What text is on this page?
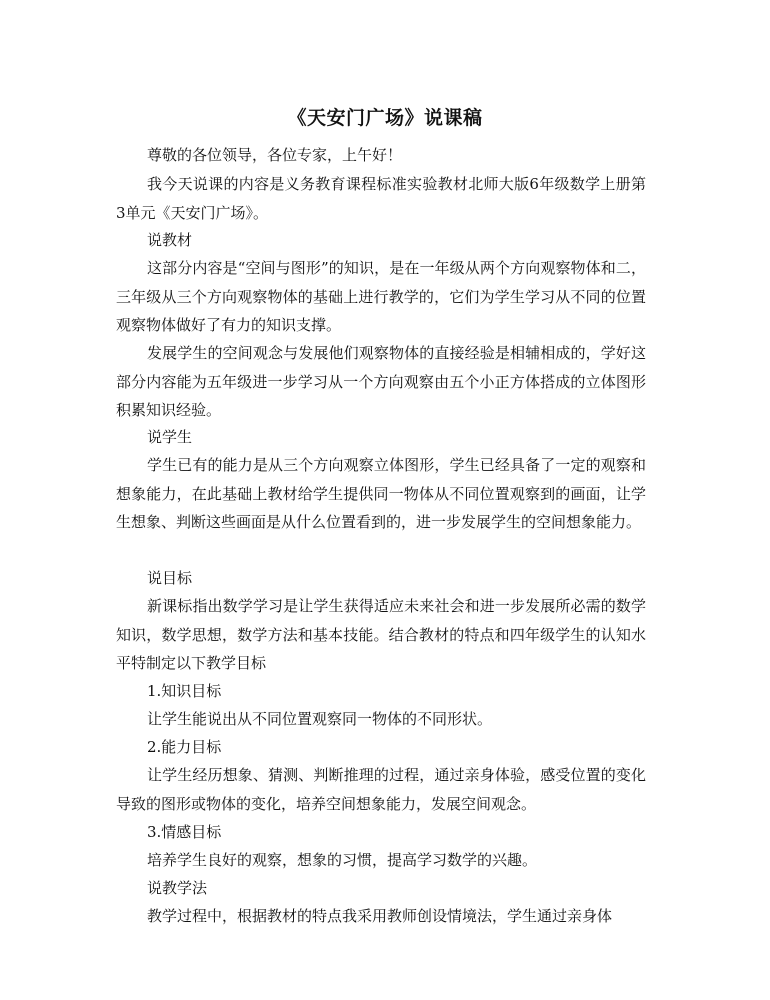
《天安门广场》说课稿

尊敬的各位领导，各位专家，上午好！

我今天说课的内容是义务教育课程标准实验教材北师大版6年级数学上册第3单元《天安门广场》。

说教材

这部分内容是“空间与图形”的知识，是在一年级从两个方向观察物体和二，三年级从三个方向观察物体的基础上进行教学的，它们为学生学习从不同的位置观察物体做好了有力的知识支撑。

发展学生的空间观念与发展他们观察物体的直接经验是相辅相成的，学好这部分内容能为五年级进一步学习从一个方向观察由五个小正方体搭成的立体图形积累知识经验。

说学生

学生已有的能力是从三个方向观察立体图形，学生已经具备了一定的观察和想象能力，在此基础上教材给学生提供同一物体从不同位置观察到的画面，让学生想象、判断这些画面是从什么位置看到的，进一步发展学生的空间想象能力。

说目标

新课标指出数学学习是让学生获得适应未来社会和进一步发展所必需的数学知识，数学思想，数学方法和基本技能。结合教材的特点和四年级学生的认知水平特制定以下教学目标

1.知识目标

让学生能说出从不同位置观察同一物体的不同形状。

2.能力目标

让学生经历想象、猜测、判断推理的过程，通过亲身体验，感受位置的变化导致的图形或物体的变化，培养空间想象能力，发展空间观念。

3.情感目标

培养学生良好的观察，想象的习惯，提高学习数学的兴趣。

说教学法

教学过程中，根据教材的特点我采用教师创设情境法，学生通过亲身体
